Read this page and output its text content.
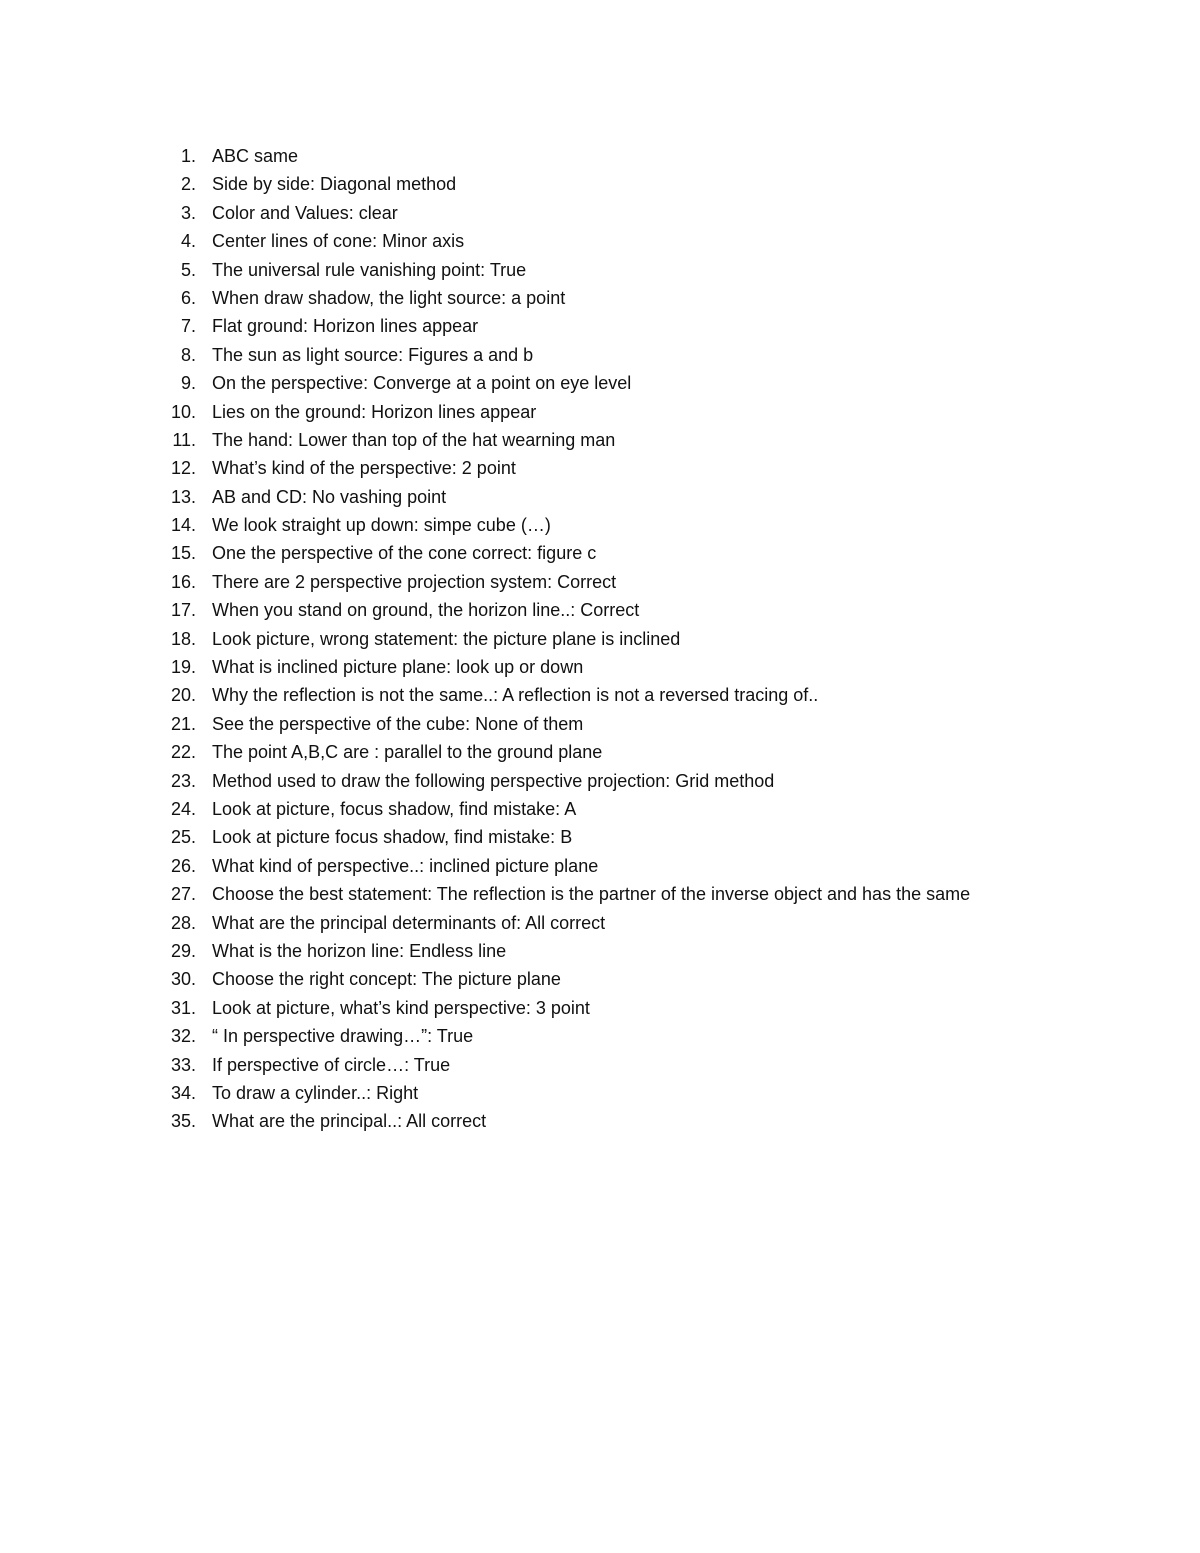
1. ABC same
2. Side by side: Diagonal method
3. Color and Values: clear
4. Center lines of cone: Minor axis
5. The universal rule vanishing point: True
6. When draw shadow, the light source: a point
7. Flat ground: Horizon lines appear
8. The sun as light source: Figures a and b
9. On the perspective: Converge at a point on eye level
10. Lies on the ground: Horizon lines appear
11. The hand: Lower than top of the hat wearning man
12. What’s kind of the perspective: 2 point
13. AB and CD: No vashing point
14. We look straight up down: simpe cube (…)
15. One the perspective of the cone correct: figure c
16. There are 2 perspective projection system: Correct
17. When you stand on ground, the horizon line..: Correct
18. Look picture, wrong statement: the picture plane is inclined
19. What is inclined picture plane: look up or down
20. Why the reflection is not the same..: A reflection is not a reversed tracing of..
21. See the perspective of the cube: None of them
22. The point A,B,C are : parallel to the ground plane
23. Method used to draw the following perspective projection: Grid method
24. Look at picture, focus shadow, find mistake: A
25. Look at picture focus shadow, find mistake: B
26. What kind of perspective..: inclined picture plane
27. Choose the best statement: The reflection is the partner of the inverse object and has the same
28. What are the principal determinants of: All correct
29. What is the horizon line: Endless line
30. Choose the right concept: The picture plane
31. Look at picture, what’s kind perspective: 3 point
32. “ In perspective drawing…”: True
33. If perspective of circle…: True
34. To draw a cylinder..: Right
35. What are the principal..: All correct
